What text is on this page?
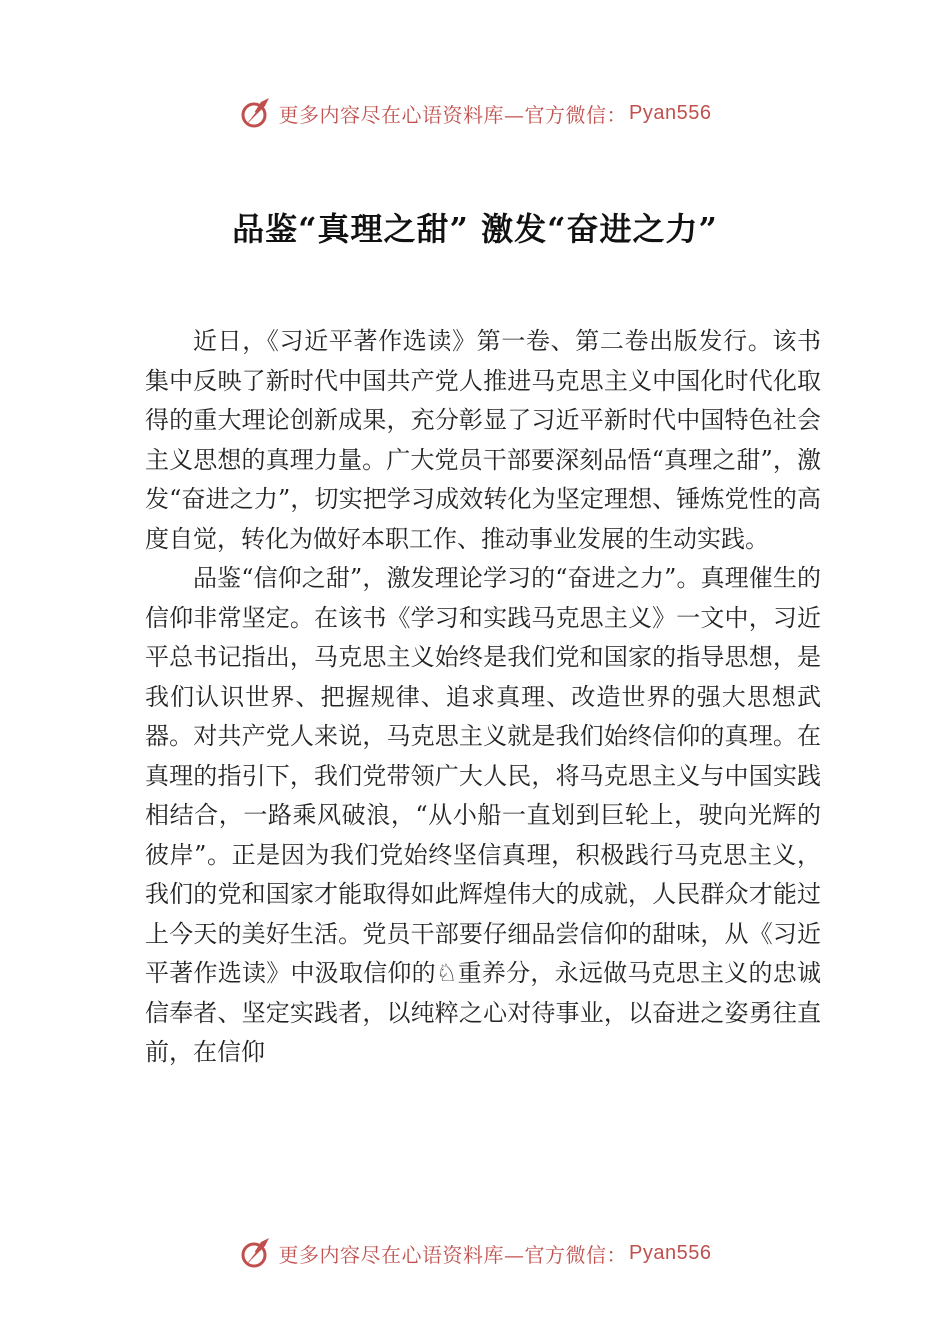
更多内容尽在心语资料库—官方微信： Pyan556
品鉴“真理之甜” 激发“奋进之力”

近日，《习近平著作选读》第一卷、第二卷出版发行。该书集中反映了新时代中国共产党人推进马克思主义中国化时代化取得的重大理论创新成果，充分彰显了习近平新时代中国特色社会主义思想的真理力量。广大党员干部要深刻品悟“真理之甜”，激发“奋进之力”，切实把学习成效转化为坚定理想、锤炼党性的高度自觉，转化为做好本职工作、推动事业发展的生动实践。

品鉴“信仰之甜”，激发理论学习的“奋进之力”。真理催生的信仰非常坚定。在该书《学习和实践马克思主义》一文中，习近平总书记指出，马克思主义始终是我们党和国家的指导思想，是我们认识世界、把握规律、追求真理、改造世界的强大思想武器。对共产党人来说，马克思主义就是我们始终信仰的真理。在真理的指引下，我们党带领广大人民，将马克思主义与中国实践相结合，一路乘风破浪，“从小船一直划到巨轮上，驶向光辉的彼岸”。正是因为我们党始终坚信真理，积极践行马克思主义，我们的党和国家才能取得如此辉煌伟大的成就，人民群众才能过上今天的美好生活。党员干部要仔细品尝信仰的甜味，从《习近平著作选读》中汲取信仰的♘重养分，永远做马克思主义的忠诚信奉者、坚定实践者，以纯粹之心对待事业，以奋进之姿勇往直前，在信仰

更多内容尽在心语资料库—官方微信： Pyan556
